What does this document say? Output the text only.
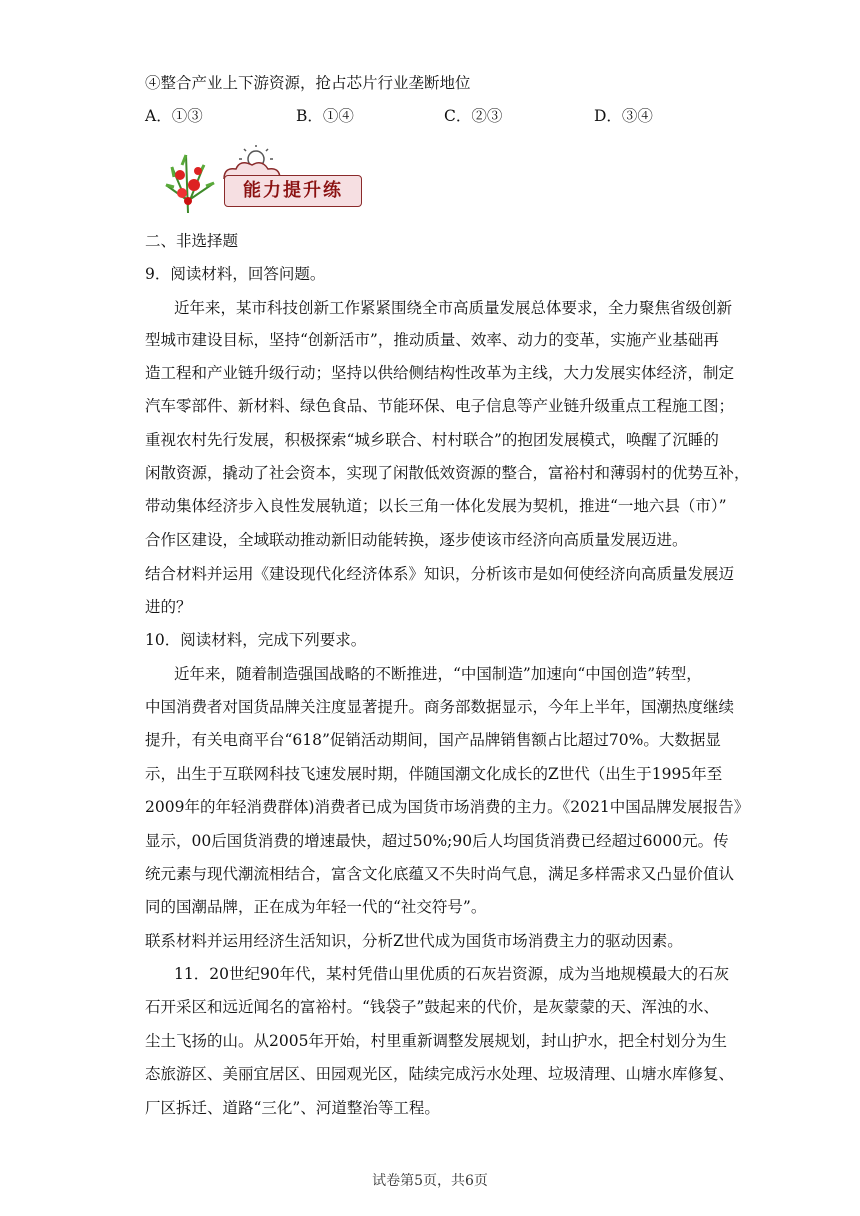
④整合产业上下游资源，抢占芯片行业垄断地位
A．①③	B．①④	C．②③	D．③④
能力提升练
二、非选择题
9．阅读材料，回答问题。
近年来，某市科技创新工作紧紧围绕全市高质量发展总体要求，全力聚焦省级创新
型城市建设目标，坚持“创新活市”，推动质量、效率、动力的变革，实施产业基础再
造工程和产业链升级行动；坚持以供给侧结构性改革为主线，大力发展实体经济，制定
汽车零部件、新材料、绿色食品、节能环保、电子信息等产业链升级重点工程施工图；
重视农村先行发展，积极探索“城乡联合、村村联合”的抱团发展模式，唤醒了沉睡的
闲散资源，撬动了社会资本，实现了闲散低效资源的整合，富裕村和薄弱村的优势互补，
带动集体经济步入良性发展轨道；以长三角一体化发展为契机，推进“一地六县（市）”
合作区建设，全域联动推动新旧动能转换，逐步使该市经济向高质量发展迈进。
结合材料并运用《建设现代化经济体系》知识，分析该市是如何使经济向高质量发展迈
进的？
10．阅读材料，完成下列要求。
近年来，随着制造强国战略的不断推进，“中国制造”加速向“中国创造”转型，
中国消费者对国货品牌关注度显著提升。商务部数据显示，今年上半年，国潮热度继续
提升，有关电商平台“618”促销活动期间，国产品牌销售额占比超过70%。大数据显
示，出生于互联网科技飞速发展时期，伴随国潮文化成长的Z世代（出生于1995年至
2009年的年轻消费群体)消费者已成为国货市场消费的主力。《2021中国品牌发展报告》
显示，00后国货消费的增速最快，超过50%;90后人均国货消费已经超过6000元。传
统元素与现代潮流相结合，富含文化底蕴又不失时尚气息，满足多样需求又凸显价值认
同的国潮品牌，正在成为年轻一代的“社交符号”。
联系材料并运用经济生活知识，分析Z世代成为国货市场消费主力的驱动因素。
11．20世纪90年代，某村凭借山里优质的石灰岩资源，成为当地规模最大的石灰
石开采区和远近闻名的富裕村。“钱袋子”鼓起来的代价，是灰蒙蒙的天、浑浊的水、
尘土飞扬的山。从2005年开始，村里重新调整发展规划，封山护水，把全村划分为生
态旅游区、美丽宜居区、田园观光区，陆续完成污水处理、垃圾清理、山塘水库修复、
厂区拆迁、道路“三化”、河道整治等工程。
试卷第5页，共6页
